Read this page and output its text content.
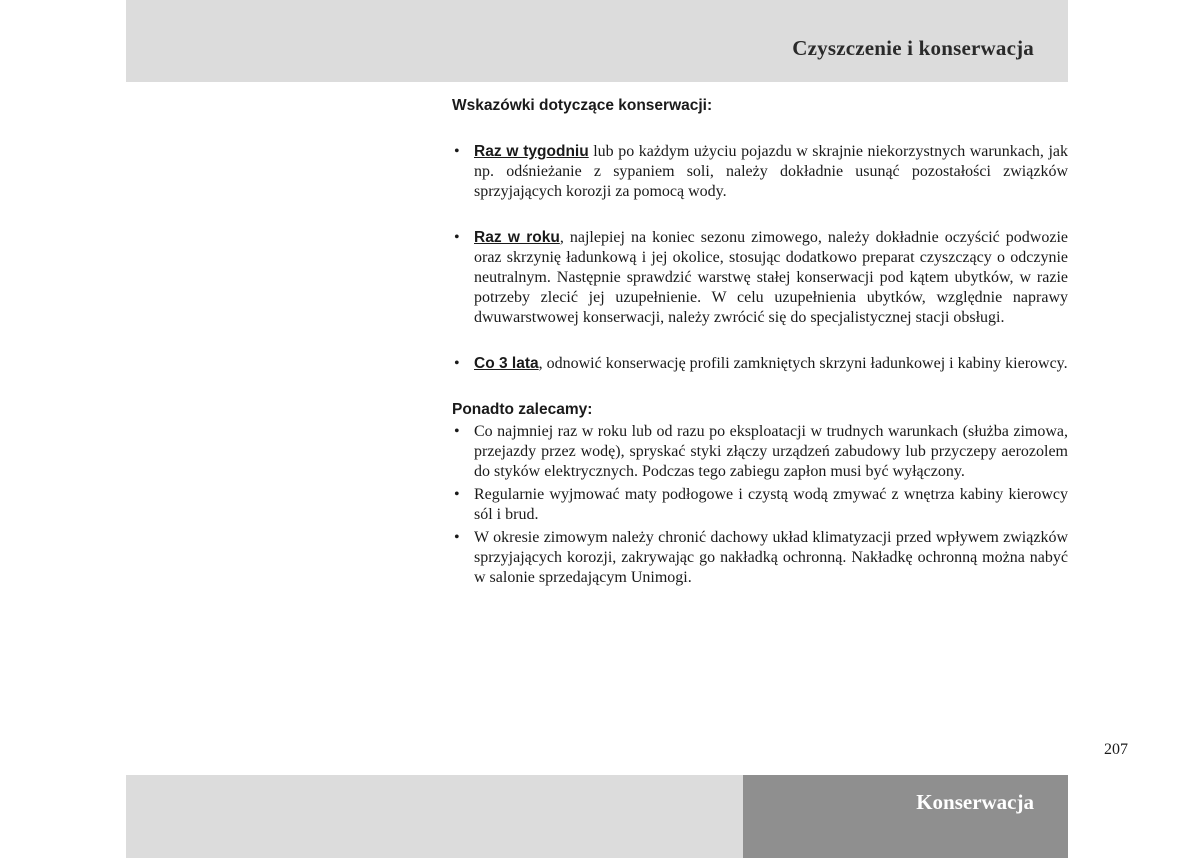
Czyszczenie i konserwacja

Wskazówki dotyczące konserwacji:

• Raz w tygodniu lub po każdym użyciu pojazdu w skrajnie niekorzystnych warunkach, jak np. odśnieżanie z sypaniem soli, należy dokładnie usunąć pozostałości związków sprzyjających korozji za pomocą wody.
• Raz w roku, najlepiej na koniec sezonu zimowego, należy dokładnie oczyścić podwozie oraz skrzynię ładunkową i jej okolice, stosując dodatkowo preparat czyszczący o odczynie neutralnym. Następnie sprawdzić warstwę stałej konserwacji pod kątem ubytków, w razie potrzeby zlecić jej uzupełnienie. W celu uzupełnienia ubytków, względnie naprawy dwuwarstwowej konserwacji, należy zwrócić się do specjalistycznej stacji obsługi.
• Co 3 lata, odnowić konserwację profili zamkniętych skrzyni ładunkowej i kabiny kierowcy.

Ponadto zalecamy:

• Co najmniej raz w roku lub od razu po eksploatacji w trudnych warunkach (służba zimowa, przejazdy przez wodę), spryskać styki złączy urządzeń zabudowy lub przyczepy aerozolem do styków elektrycznych. Podczas tego zabiegu zapłon musi być wyłączony.
• Regularnie wyjmować maty podłogowe i czystą wodą zmywać z wnętrza kabiny kierowcy sól i brud.
• W okresie zimowym należy chronić dachowy układ klimatyzacji przed wpływem związków sprzyjających korozji, zakrywając go nakładką ochronną. Nakładkę ochronną można nabyć w salonie sprzedającym Unimogi.
207
Konserwacja
